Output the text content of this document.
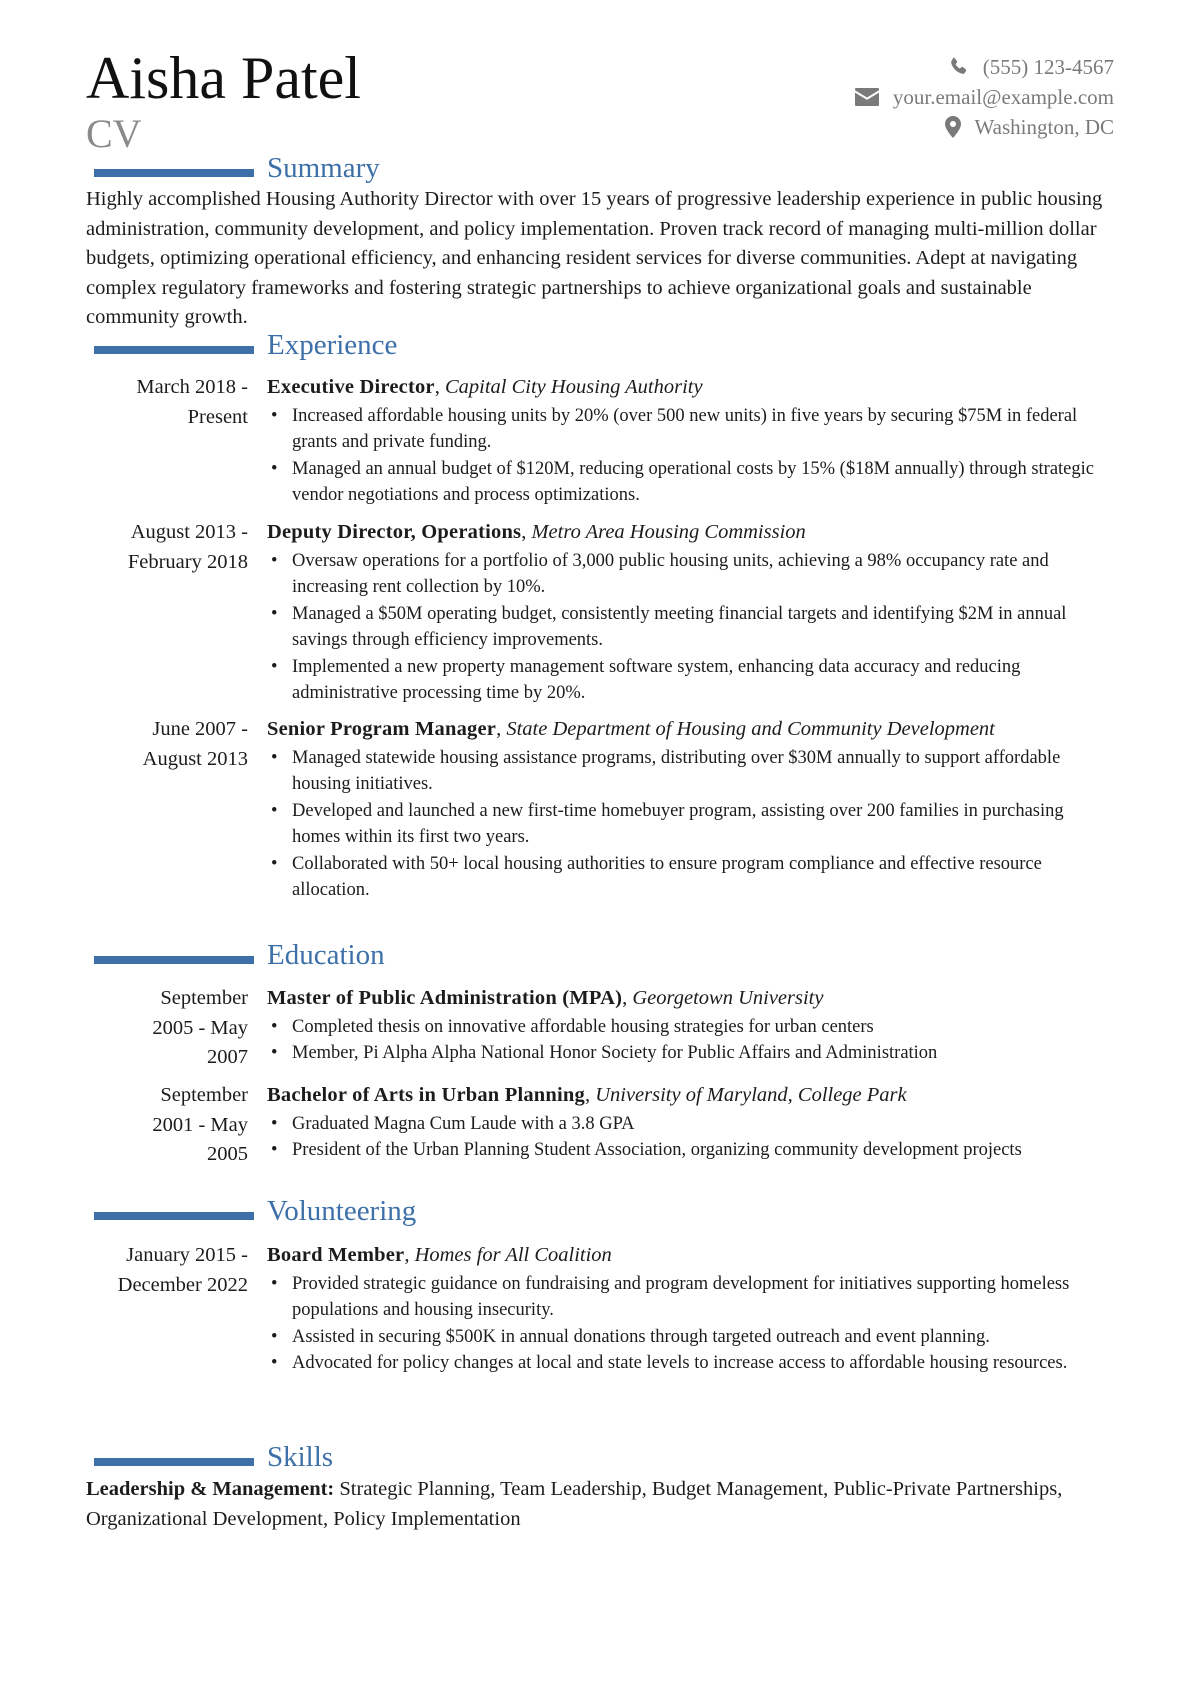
Aisha Patel
CV
(555) 123-4567
your.email@example.com
Washington, DC
Summary
Highly accomplished Housing Authority Director with over 15 years of progressive leadership experience in public housing administration, community development, and policy implementation. Proven track record of managing multi-million dollar budgets, optimizing operational efficiency, and enhancing resident services for diverse communities. Adept at navigating complex regulatory frameworks and fostering strategic partnerships to achieve organizational goals and sustainable community growth.
Experience
March 2018 -
Present
Executive Director, Capital City Housing Authority
• Increased affordable housing units by 20% (over 500 new units) in five years by securing $75M in federal grants and private funding.
• Managed an annual budget of $120M, reducing operational costs by 15% ($18M annually) through strategic vendor negotiations and process optimizations.
August 2013 -
February 2018
Deputy Director, Operations, Metro Area Housing Commission
• Oversaw operations for a portfolio of 3,000 public housing units, achieving a 98% occupancy rate and increasing rent collection by 10%.
• Managed a $50M operating budget, consistently meeting financial targets and identifying $2M in annual savings through efficiency improvements.
• Implemented a new property management software system, enhancing data accuracy and reducing administrative processing time by 20%.
June 2007 -
August 2013
Senior Program Manager, State Department of Housing and Community Development
• Managed statewide housing assistance programs, distributing over $30M annually to support affordable housing initiatives.
• Developed and launched a new first-time homebuyer program, assisting over 200 families in purchasing homes within its first two years.
• Collaborated with 50+ local housing authorities to ensure program compliance and effective resource allocation.
Education
September
2005 - May
2007
Master of Public Administration (MPA), Georgetown University
• Completed thesis on innovative affordable housing strategies for urban centers
• Member, Pi Alpha Alpha National Honor Society for Public Affairs and Administration
September
2001 - May
2005
Bachelor of Arts in Urban Planning, University of Maryland, College Park
• Graduated Magna Cum Laude with a 3.8 GPA
• President of the Urban Planning Student Association, organizing community development projects
Volunteering
January 2015 -
December 2022
Board Member, Homes for All Coalition
• Provided strategic guidance on fundraising and program development for initiatives supporting homeless populations and housing insecurity.
• Assisted in securing $500K in annual donations through targeted outreach and event planning.
• Advocated for policy changes at local and state levels to increase access to affordable housing resources.
Skills
Leadership & Management: Strategic Planning, Team Leadership, Budget Management, Public-Private Partnerships, Organizational Development, Policy Implementation
